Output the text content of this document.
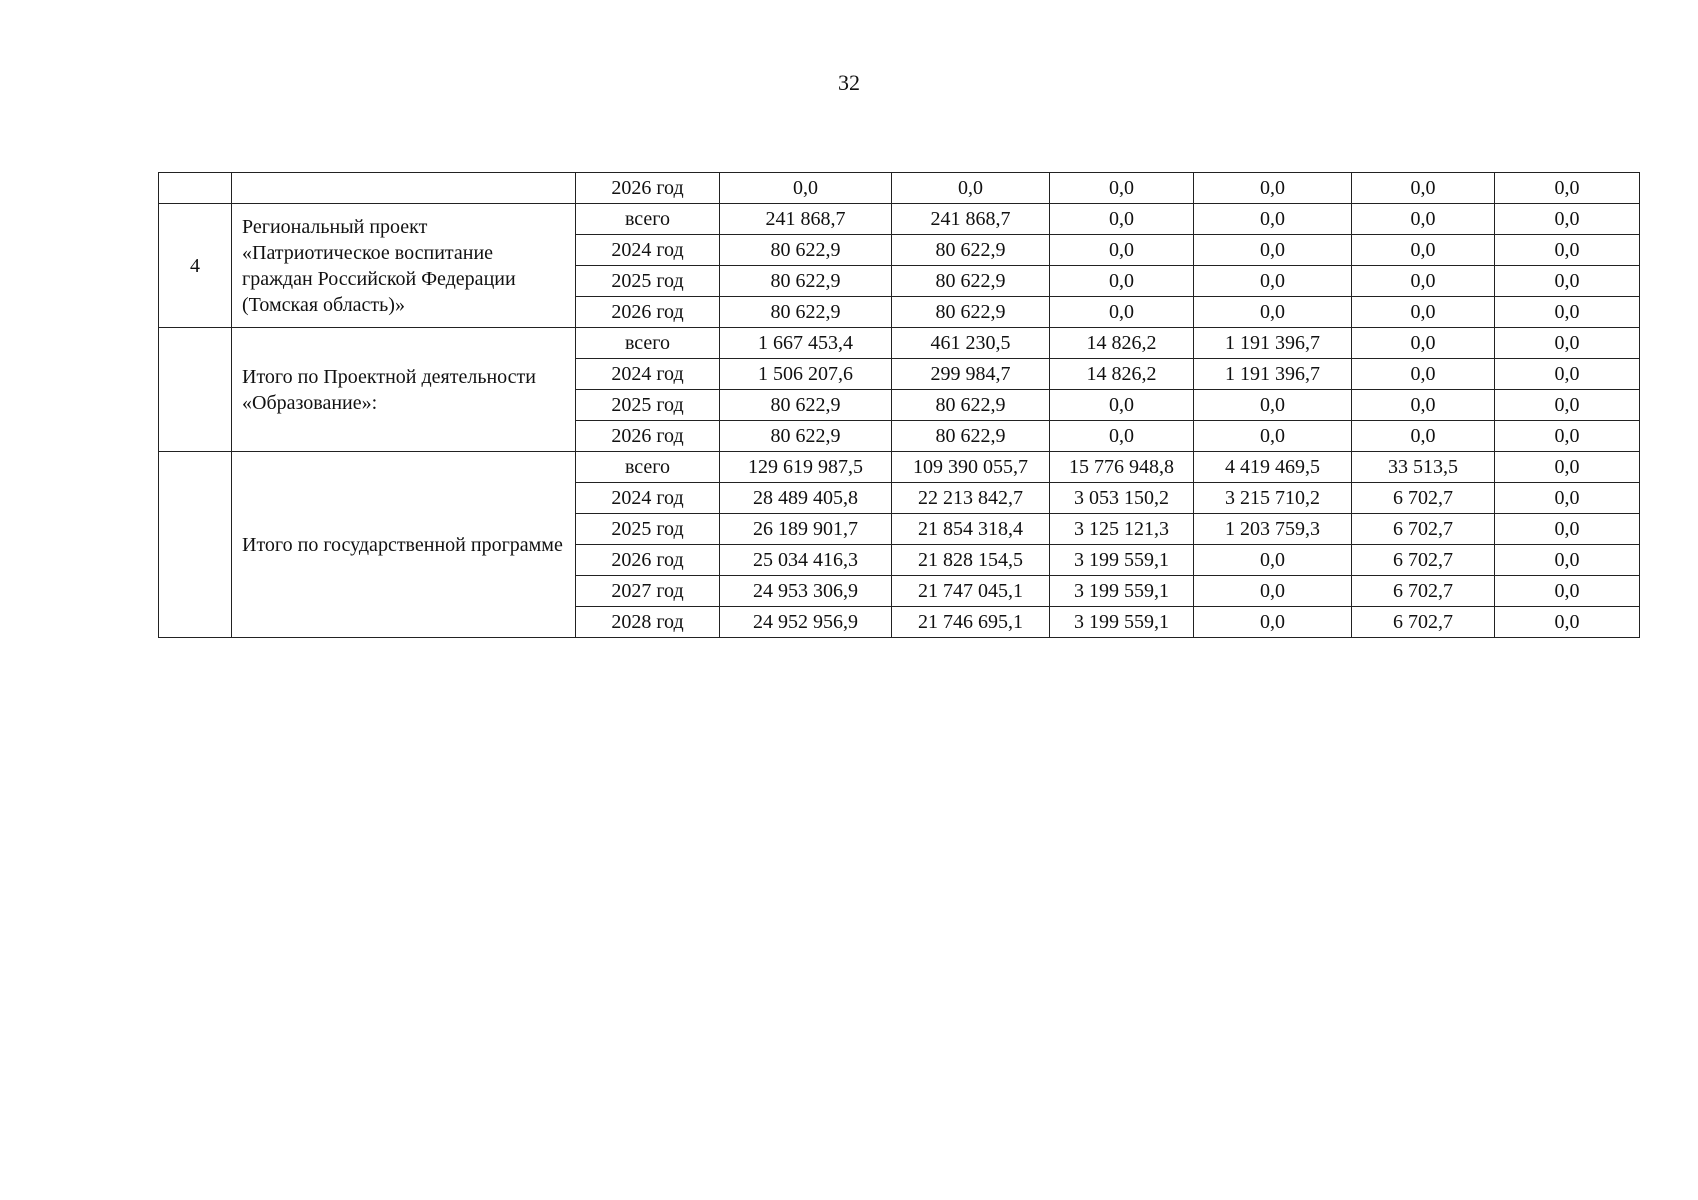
32
		2026 год	0,0	0,0	0,0	0,0	0,0	0,0
4	Региональный проект «Патриотическое воспитание граждан Российской Федерации (Томская область)»	всего	241 868,7	241 868,7	0,0	0,0	0,0	0,0
		2024 год	80 622,9	80 622,9	0,0	0,0	0,0	0,0
		2025 год	80 622,9	80 622,9	0,0	0,0	0,0	0,0
		2026 год	80 622,9	80 622,9	0,0	0,0	0,0	0,0
	Итого по Проектной деятельности «Образование»:	всего	1 667 453,4	461 230,5	14 826,2	1 191 396,7	0,0	0,0
		2024 год	1 506 207,6	299 984,7	14 826,2	1 191 396,7	0,0	0,0
		2025 год	80 622,9	80 622,9	0,0	0,0	0,0	0,0
		2026 год	80 622,9	80 622,9	0,0	0,0	0,0	0,0
	Итого по государственной программе	всего	129 619 987,5	109 390 055,7	15 776 948,8	4 419 469,5	33 513,5	0,0
		2024 год	28 489 405,8	22 213 842,7	3 053 150,2	3 215 710,2	6 702,7	0,0
		2025 год	26 189 901,7	21 854 318,4	3 125 121,3	1 203 759,3	6 702,7	0,0
		2026 год	25 034 416,3	21 828 154,5	3 199 559,1	0,0	6 702,7	0,0
		2027 год	24 953 306,9	21 747 045,1	3 199 559,1	0,0	6 702,7	0,0
		2028 год	24 952 956,9	21 746 695,1	3 199 559,1	0,0	6 702,7	0,0
